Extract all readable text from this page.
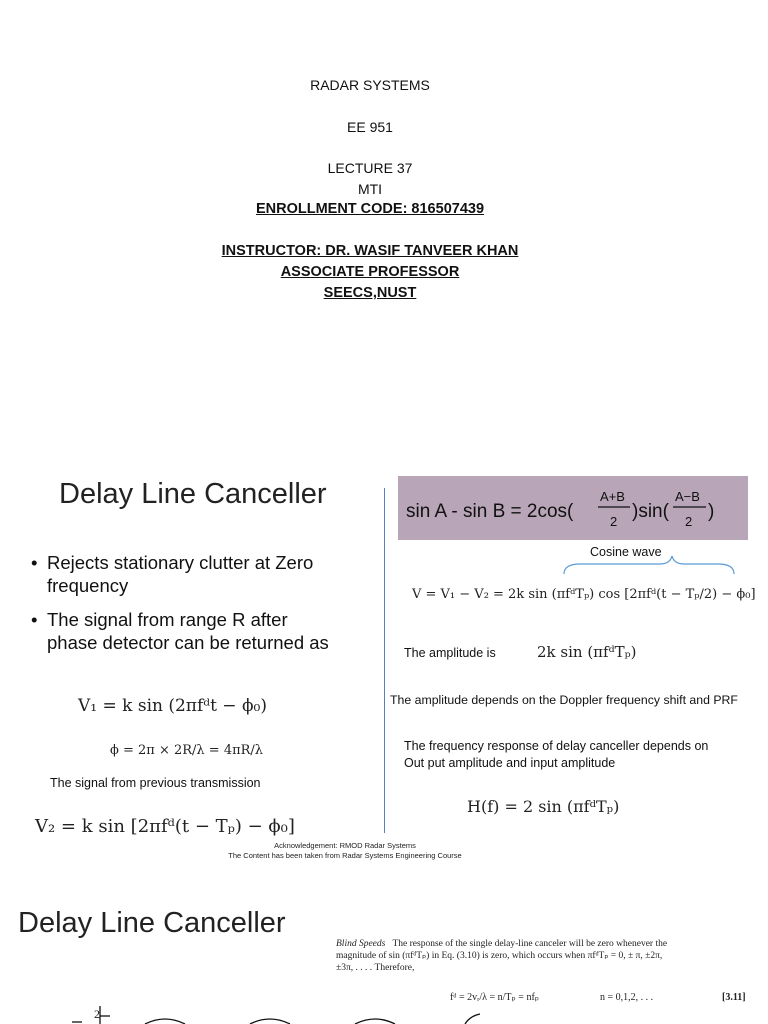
RADAR SYSTEMS
EE 951
LECTURE 37
MTI
ENROLLMENT CODE: 816507439
INSTRUCTOR: DR. WASIF TANVEER KHAN
ASSOCIATE PROFESSOR
SEECS,NUST
Delay Line Canceller
• Rejects stationary clutter at Zero frequency
• The signal from range R after phase detector can be returned as
V₁ = k sin (2πfᵈt − ϕ₀)
ϕ = 2π × 2R/λ = 4πR/λ
The signal from previous transmission
V₂ = k sin [2πfᵈ(t − Tₚ) − ϕ₀]
sin A - sin B = 2cos(
A+B
2 )sin(
A−B
2 )
Cosine wave
V = V₁ − V₂ = 2k sin (πfᵈTₚ) cos [2πfᵈ(t − Tₚ/2) − ϕ₀]
The amplitude is	2k sin (πfᵈTₚ)
The amplitude depends on the Doppler frequency shift and PRF
The frequency response of delay canceller depends on
Out put amplitude and input amplitude
H(f) = 2 sin (πfᵈTₚ)
Acknowledgement: RMOD Radar Systems
The Content has been taken from Radar Systems Engineering Course
Delay Line Canceller
Blind Speeds The response of the single delay-line canceler will be zero whenever the
magnitude of sin (πfᵈTₚ) in Eq. (3.10) is zero, which occurs when πfᵈTₚ = 0, ± π, ±2π,
±3π, . . . . Therefore,
fᵈ = 2vᵣ/λ = n/Tₚ = nfₚ	n = 0,1,2, . . .	[3.11]
2
